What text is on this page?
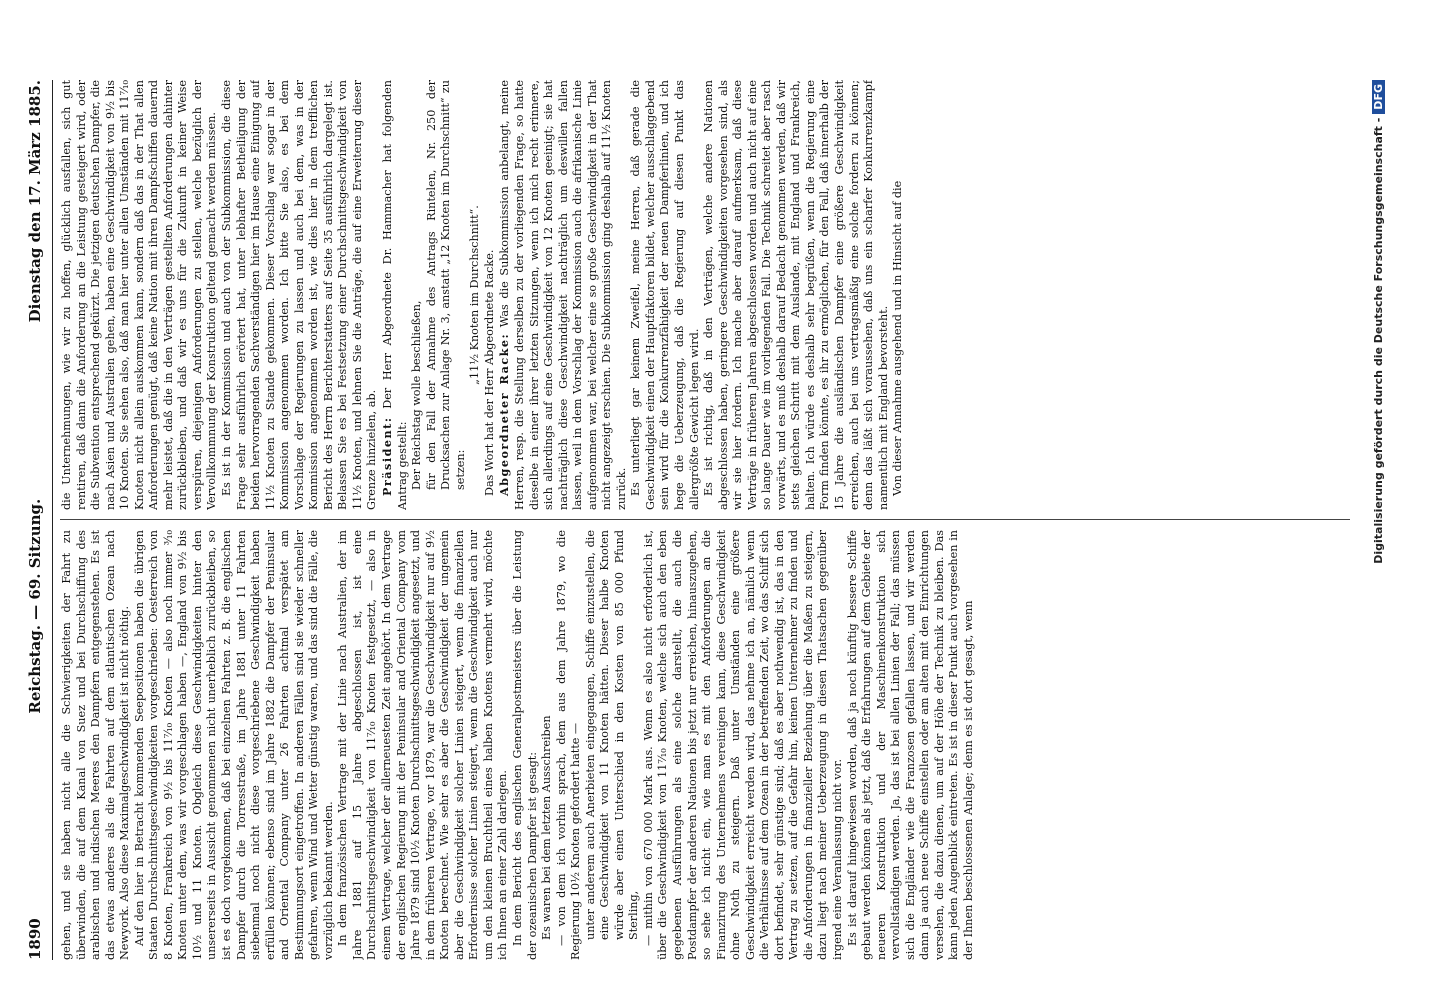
1890
Reichstag. — 69. Sitzung.
Dienstag den 17. März 1885.

gehen, und sie haben nicht alle die Schwierigkeiten der Fahrt zu überwinden, die auf dem Kanal von Suez und bei Durchschiffung des arabischen und indischen Meeres den Dampfern entgegenstehen. Es ist das etwas anderes als die Fahrten auf dem atlantischen Ozean nach Newyork. Also diese Maximalgeschwindigkeit ist nicht nöthig. Auf den hier in Betracht kommenden Seepositionen haben die übrigen Staaten Durchschnittsgeschwindigkeiten vorgeschrieben: Oesterreich von 8 Knoten, Frankreich von 9½ bis 11⁷⁄₁₀ Knoten — also noch immer ³⁄₁₀ Knoten unter dem, was wir vorgeschlagen haben —, England von 9½ bis 10½ und 11 Knoten. Obgleich diese Geschwindigkeiten hinter den unsererseits in Aussicht genommenen nicht unerheblich zurückbleiben, so ist es doch vorgekommen, daß bei einzelnen Fahrten z. B. die englischen Dampfer durch die Torresstraße, im Jahre 1881 unter 11 Fahrten siebenmal noch nicht diese vorgeschriebene Geschwindigkeit haben erfüllen können; ebenso sind im Jahre 1882 die Dampfer der Peninsular and Oriental Company unter 26 Fahrten achtmal verspätet am Bestimmungsort eingetroffen. In anderen Fällen sind sie wieder schneller gefahren, wenn Wind und Wetter günstig waren, und das sind die Fälle, die vorzüglich bekannt werden. In dem französischen Vertrage mit der Linie nach Australien, der im Jahre 1881 auf 15 Jahre abgeschlossen ist, ist eine Durchschnittsgeschwindigkeit von 11⁷⁄₁₀ Knoten festgesetzt, — also in einem Vertrage, welcher der allerneuesten Zeit angehört. In dem Vertrage der englischen Regierung mit der Peninsular and Oriental Company vom Jahre 1879 sind 10½ Knoten Durchschnittsgeschwindigkeit angesetzt, und in dem früheren Vertrage, vor 1879, war die Geschwindigkeit nur auf 9½ Knoten berechnet. Wie sehr es aber die Geschwindigkeit der ungemein aber die Geschwindigkeit solcher Linien steigert, wenn die finanziellen Erfordernisse solcher Linien steigert, wenn die Geschwindigkeit auch nur um den kleinen Bruchtheil eines halben Knotens vermehrt wird, möchte ich Ihnen an einer Zahl darlegen. In dem Bericht des englischen Generalpostmeisters über die Leistung der ozeanischen Dampfer ist gesagt: Es waren bei dem letzten Ausschreiben — von dem ich vorhin sprach, dem aus dem Jahre 1879, wo die Regierung 10½ Knoten gefordert hatte — unter anderem auch Anerbieten eingegangen, Schiffe einzustellen, die eine Geschwindigkeit von 11 Knoten hätten. Dieser halbe Knoten würde aber einen Unterschied in den Kosten von 85 000 Pfund Sterling, — mithin von 670 000 Mark aus. Wenn es also nicht erforderlich ist, über die Geschwindigkeit von 11⁷⁄₁₀ Knoten, welche sich auch den eben gegebenen Ausführungen als eine solche darstellt, die auch die Postdampfer der anderen Nationen bis jetzt nur erreichen, hinauszugehen, so sehe ich nicht ein, wie man es mit den Anforderungen an die Finanzirung des Unternehmens vereinigen kann, diese Geschwindigkeit ohne Noth zu steigern. Daß unter Umständen eine größere Geschwindigkeit erreicht werden wird, das nehme ich an, nämlich wenn die Verhältnisse auf dem Ozean in der betreffenden Zeit, wo das Schiff sich dort befindet, sehr günstige sind; daß es aber nothwendig ist, das in den Vertrag zu setzen, auf die Gefahr hin, keinen Unternehmer zu finden und die Anforderungen in finanzieller Beziehung über die Maßen zu steigern, dazu liegt nach meiner Ueberzeugung in diesen Thatsachen gegenüber irgend eine Veranlassung nicht vor. Es ist darauf hingewiesen worden, daß ja noch künftig bessere Schiffe gebaut werden können als jetzt, daß die Erfahrungen auf dem Gebiete der neueren Konstruktion und der Maschinenkonstruktion sich vervollständigen werden. Ja, das ist bei allen Linien der Fall; das müssen sich die Engländer wie die Franzosen gefallen lassen, und wir werden dann ja auch neue Schiffe einstellen oder am alten mit den Einrichtungen versehen, die dazu dienen, um auf der Höhe der Technik zu bleiben. Das kann jeden Augenblick eintreten. Es ist in dieser Punkt auch vorgesehen in der Ihnen beschlossenen Anlage; denn es ist dort gesagt, wenn

die Unternehmungen, wie wir zu hoffen, glücklich ausfallen, sich gut rentiren, daß dann die Anforderung an die Leistung gesteigert wird, oder die Subvention entsprechend gekürzt. Die jetzigen deutschen Dampfer, die nach Asien und Australien gehen, haben eine Geschwindigkeit von 9½ bis 10 Knoten. Sie sehen also, daß man hier unter allen Umständen mit 11⁷⁄₁₀ Knoten nicht allein auskommen kann, sondern daß das in der That allen Anforderungen genügt, daß keine Nation mit ihren Dampfschiffen dauernd mehr leistet, daß die in den Verträgen gestellten Anforderungen dahinter zurückbleiben, und daß wir es uns für die Zukunft in keiner Weise verspüren, diejenigen Anforderungen zu stellen, welche bezüglich der Vervollkommnung der Konstruktion geltend gemacht werden müssen. Es ist in der Kommission und auch von der Subkommission, die diese Frage sehr ausführlich erörtert hat, unter lebhafter Betheiligung der beiden hervorragenden Sachverständigen hier im Hause eine Einigung auf 11½ Knoten zu Stande gekommen. Dieser Vorschlag war sogar in der Kommission angenommen worden. Ich bitte Sie also, es bei dem Vorschlage der Regierungen zu lassen und auch bei dem, was in der Kommission angenommen worden ist, wie dies hier in dem trefflichen Bericht des Herrn Berichterstatters auf Seite 35 ausführlich dargelegt ist. Belassen Sie es bei Festsetzung einer Durchschnittsgeschwindigkeit von 11½ Knoten, und lehnen Sie die Anträge, die auf eine Erweiterung dieser Grenze hinzielen, ab. Präsident: Der Herr Abgeordnete Dr. Hammacher hat folgenden Antrag gestellt: Der Reichstag wolle beschließen, für den Fall der Annahme des Antrags Rintelen, Nr. 250 der Drucksachen zur Anlage Nr. 3, anstatt „12 Knoten im Durchschnitt“ zu setzen:

„11½ Knoten im Durchschnitt“. Das Wort hat der Herr Abgeordnete Racke. Abgeordneter Racke: Was die Subkommission anbelangt, meine Herren, resp. die Stellung derselben zu der vorliegenden Frage, so hatte dieselbe in einer ihrer letzten Sitzungen, wenn ich mich recht erinnere, sich allerdings auf eine Geschwindigkeit von 12 Knoten geeinigt; sie hat nachträglich diese Geschwindigkeit nachträglich um deswillen fallen lassen, weil in dem Vorschlag der Kommission auch die afrikanische Linie aufgenommen war, bei welcher eine so große Geschwindigkeit in der That nicht angezeigt erschien. Die Subkommission ging deshalb auf 11½ Knoten zurück. Es unterliegt gar keinem Zweifel, meine Herren, daß gerade die Geschwindigkeit einen der Hauptfaktoren bildet, welcher ausschlaggebend sein wird für die Konkurrenzfähigkeit der neuen Dampferlinien, und ich hege die Ueberzeugung, daß die Regierung auf diesen Punkt das allergrößte Gewicht legen wird. Es ist richtig, daß in den Verträgen, welche andere Nationen abgeschlossen haben, geringere Geschwindigkeiten vorgesehen sind, als wir sie hier fordern. Ich mache aber darauf aufmerksam, daß diese Verträge in früheren Jahren abgeschlossen worden und auch nicht auf eine so lange Dauer wie im vorliegenden Fall. Die Technik schreitet aber rasch vorwärts, und es muß deshalb darauf Bedacht genommen werden, daß wir stets gleichen Schritt mit dem Auslande, mit England und Frankreich, halten. Ich würde es deshalb sehr begrüßen, wenn die Regierung eine Form finden könnte, es ihr zu ermöglichen, für den Fall, daß innerhalb der 15 Jahre die ausländischen Dampfer eine größere Geschwindigkeit erreichen, auch bei uns vertragsmäßig eine solche fordern zu können; denn das läßt sich voraussehen, daß uns ein scharfer Konkurrenzkampf namentlich mit England bevorsteht. Von dieser Annahme ausgehend und in Hinsicht auf die	Digitalisierung gefördert durch die Deutsche Forschungsgemeinschaft -DFG
